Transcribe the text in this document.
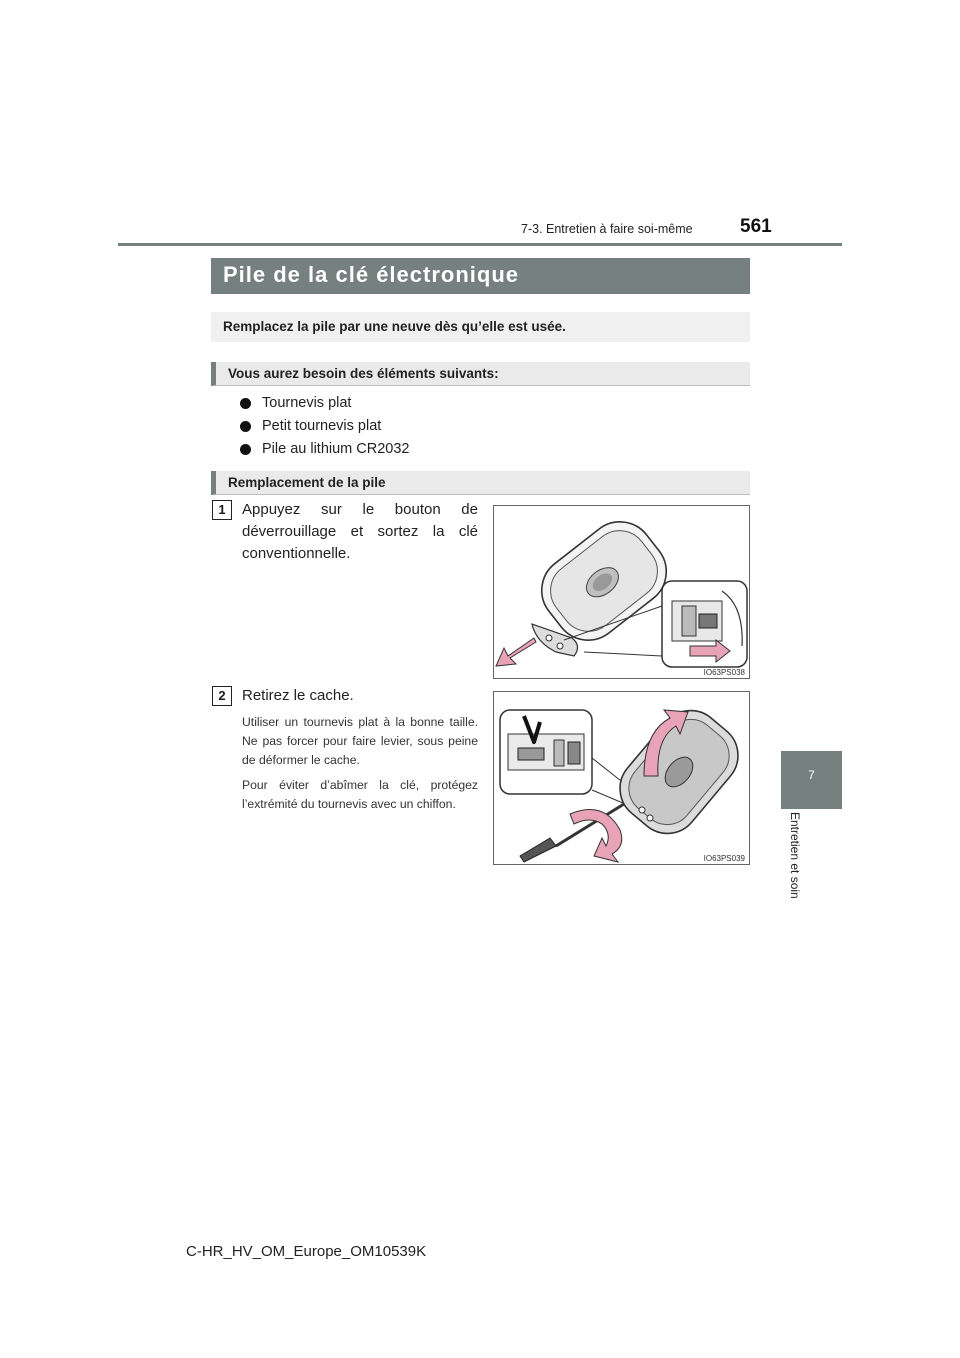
7-3. Entretien à faire soi-même 561
7
Entretien et soin
Pile de la clé électronique
Remplacez la pile par une neuve dès qu’elle est usée.
Vous aurez besoin des éléments suivants:
Tournevis plat
Petit tournevis plat
Pile au lithium CR2032
Remplacement de la pile
1	Appuyez sur le bouton de déverrouillage et sortez la clé conventionnelle.
IO63PS038
2	Retirez le cache.
Utiliser un tournevis plat à la bonne taille. Ne pas forcer pour faire levier, sous peine de déformer le cache.
Pour éviter d’abîmer la clé, protégez l’extrémité du tournevis avec un chiffon.
IO63PS039
C-HR_HV_OM_Europe_OM10539K
